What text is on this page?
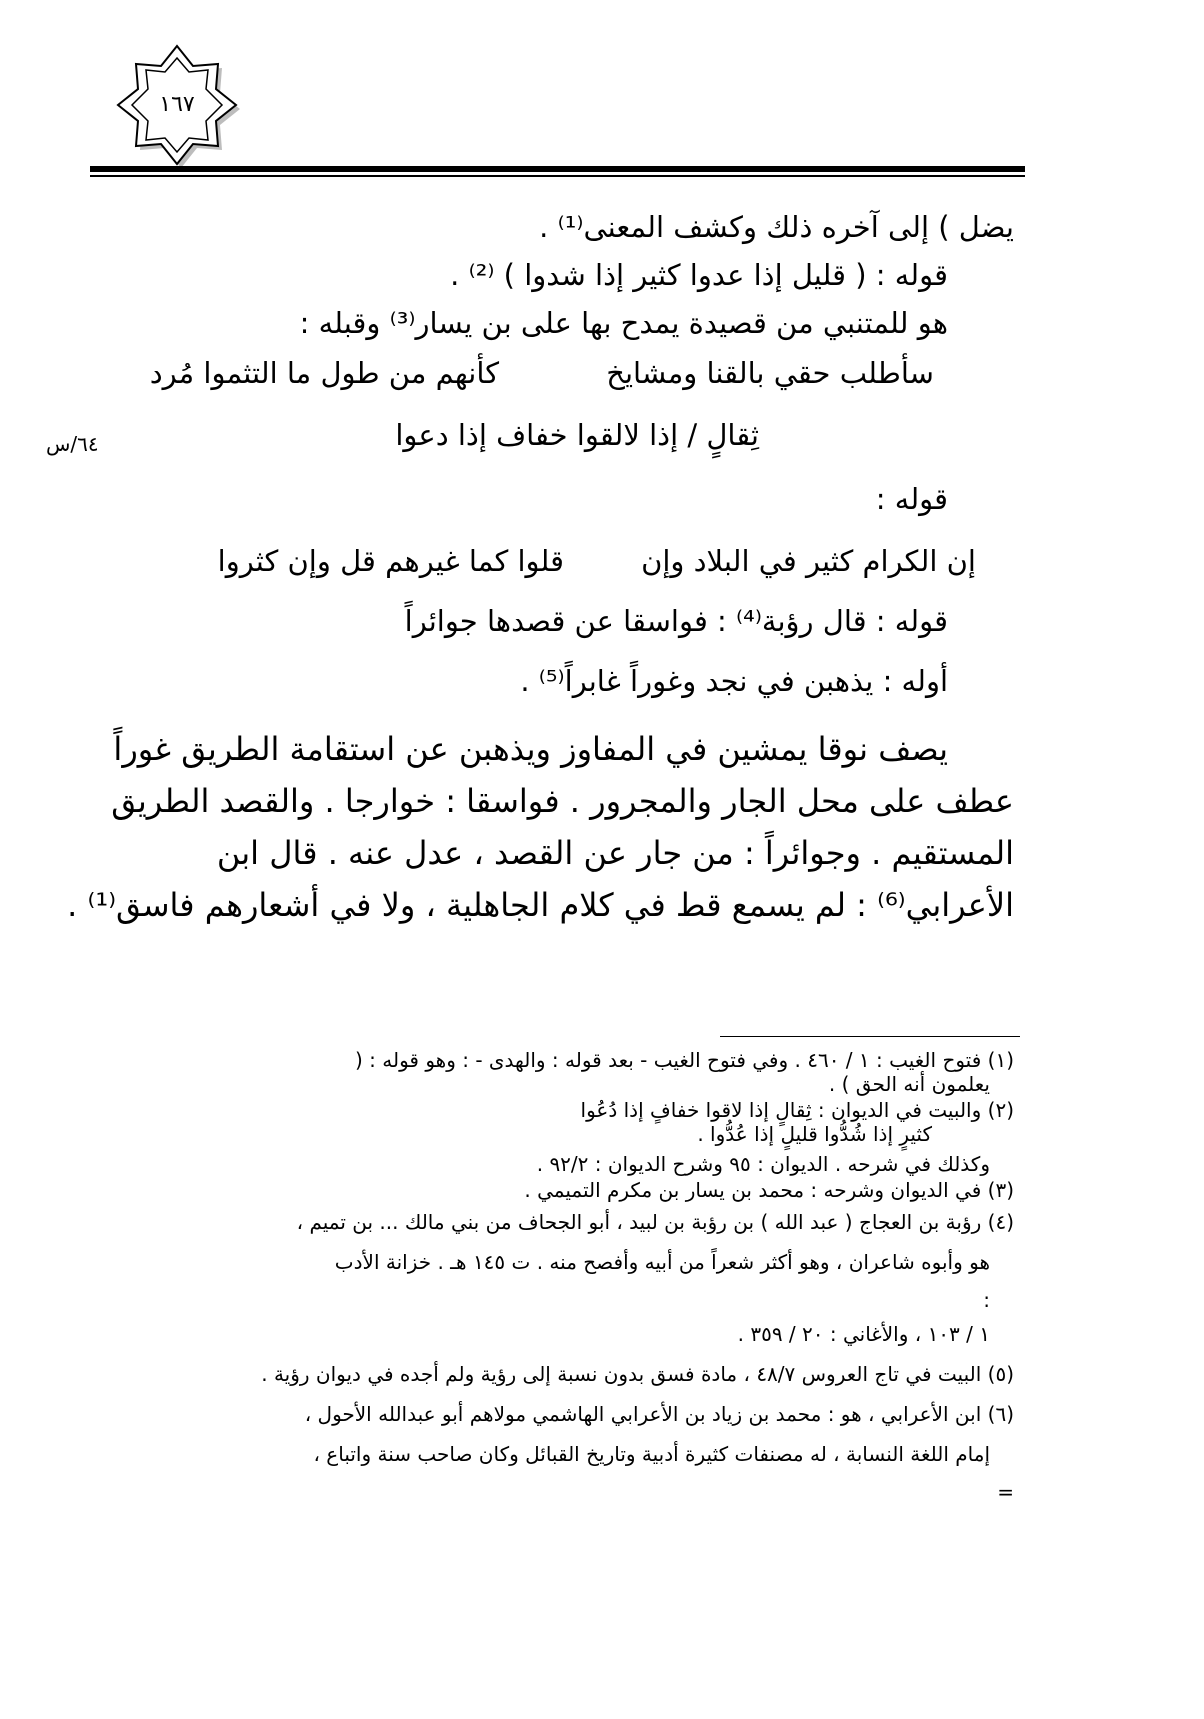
١٦٧
يضل ) إلى آخره ذلك وكشف المعنى⁽¹⁾ .
قوله : ( قليل إذا عدوا كثير إذا شدوا ) ⁽²⁾ .
هو للمتنبي من قصيدة يمدح بها على بن يسار⁽³⁾ وقبله :
سأطلب حقي بالقنا ومشايخ
كأنهم من طول ما التثموا مُرد
ثِقالٍ / إذا لالقوا خفاف إذا دعوا
٦٤/س
قوله :
إن الكرام كثير في البلاد وإن
قلوا كما غيرهم قل وإن كثروا
قوله : قال رؤبة⁽⁴⁾ : فواسقا عن قصدها جوائراً
أوله : يذهبن في نجد وغوراً غابراً⁽⁵⁾ .
يصف نوقا يمشين في المفاوز ويذهبن عن استقامة الطريق غوراً
عطف على محل الجار والمجرور . فواسقا : خوارجا . والقصد الطريق
المستقيم . وجوائراً : من جار عن القصد ، عدل عنه . قال ابن
الأعرابي⁽⁶⁾ : لم يسمع قط في كلام الجاهلية ، ولا في أشعارهم فاسق⁽¹⁾ .
(١) فتوح الغيب : ١ / ٤٦٠ . وفي فتوح الغيب - بعد قوله : والهدى - : وهو قوله : (
يعلمون أنه الحق ) .
(٢) والبيت في الديوان : ثِقالٍ إذا لاقوا خفافٍ إذا دُعُوا
كثيرٍ إذا شُدُّوا قليلٍ إذا عُدُّوا .
وكذلك في شرحه . الديوان : ٩٥ وشرح الديوان : ٩٢/٢ .
(٣) في الديوان وشرحه : محمد بن يسار بن مكرم التميمي .
(٤) رؤبة بن العجاج ( عبد الله ) بن رؤبة بن لبيد ، أبو الجحاف من بني مالك ... بن تميم ،
هو وأبوه شاعران ، وهو أكثر شعراً من أبيه وأفصح منه . ت ١٤٥ هـ . خزانة الأدب
:
١ / ١٠٣ ، والأغاني : ٢٠ / ٣٥٩ .
(٥) البيت في تاج العروس ٤٨/٧ ، مادة فسق بدون نسبة إلى رؤية ولم أجده في ديوان رؤية .
(٦) ابن الأعرابي ، هو : محمد بن زياد بن الأعرابي الهاشمي مولاهم أبو عبدالله الأحول ،
إمام اللغة النسابة ، له مصنفات كثيرة أدبية وتاريخ القبائل وكان صاحب سنة واتباع ،
=
